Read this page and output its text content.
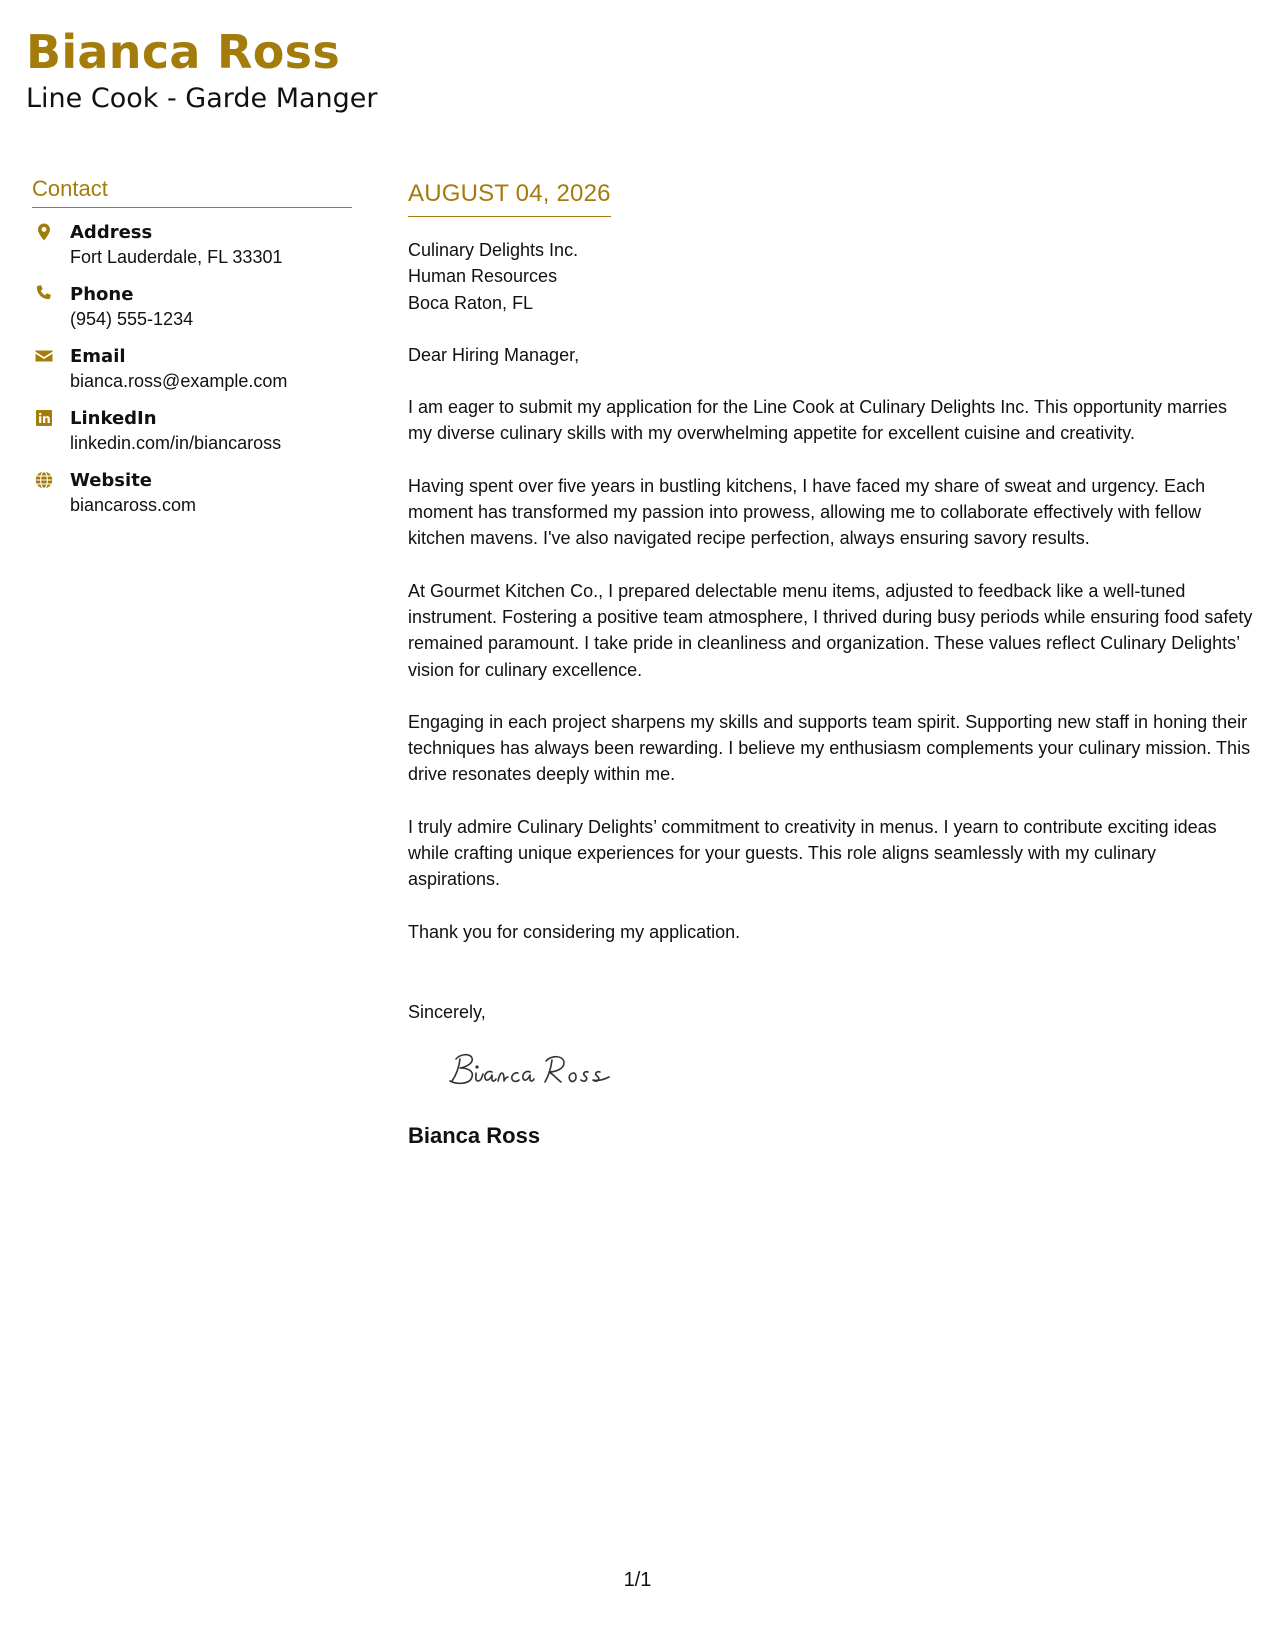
Bianca Ross
Line Cook - Garde Manger
Contact
Address
Fort Lauderdale, FL 33301
Phone
(954) 555-1234
Email
bianca.ross@example.com
LinkedIn
linkedin.com/in/biancaross
Website
biancaross.com
AUGUST 04, 2026
Culinary Delights Inc.
Human Resources
Boca Raton, FL
Dear Hiring Manager,
I am eager to submit my application for the Line Cook at Culinary Delights Inc. This opportunity marries my diverse culinary skills with my overwhelming appetite for excellent cuisine and creativity.
Having spent over five years in bustling kitchens, I have faced my share of sweat and urgency. Each moment has transformed my passion into prowess, allowing me to collaborate effectively with fellow kitchen mavens. I've also navigated recipe perfection, always ensuring savory results.
At Gourmet Kitchen Co., I prepared delectable menu items, adjusted to feedback like a well-tuned instrument. Fostering a positive team atmosphere, I thrived during busy periods while ensuring food safety remained paramount. I take pride in cleanliness and organization. These values reflect Culinary Delights’ vision for culinary excellence.
Engaging in each project sharpens my skills and supports team spirit. Supporting new staff in honing their techniques has always been rewarding. I believe my enthusiasm complements your culinary mission. This drive resonates deeply within me.
I truly admire Culinary Delights’ commitment to creativity in menus. I yearn to contribute exciting ideas while crafting unique experiences for your guests. This role aligns seamlessly with my culinary aspirations.
Thank you for considering my application.
Sincerely,
Bianca Ross
1/1
